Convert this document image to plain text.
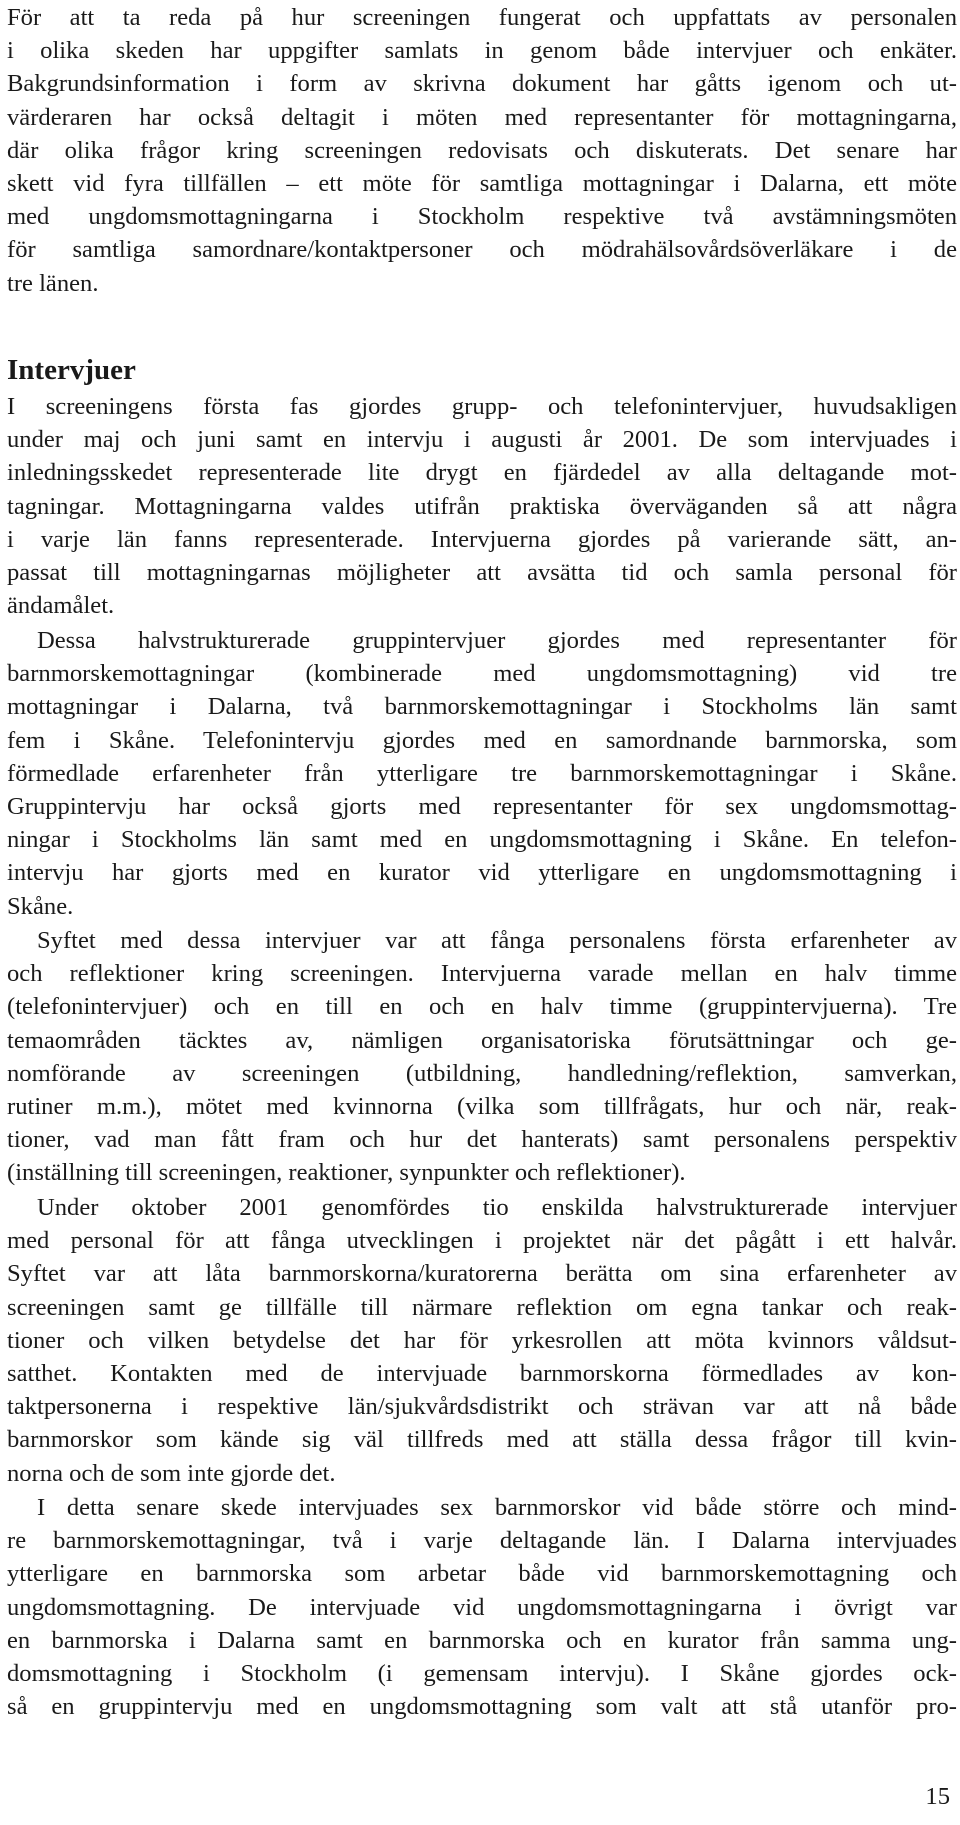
För att ta reda på hur screeningen fungerat och uppfattats av personalen
i olika skeden har uppgifter samlats in genom både intervjuer och enkäter.
Bakgrundsinformation i form av skrivna dokument har gåtts igenom och ut-
värderaren har också deltagit i möten med representanter för mottagningarna,
där olika frågor kring screeningen redovisats och diskuterats. Det senare har
skett vid fyra tillfällen – ett möte för samtliga mottagningar i Dalarna, ett möte
med ungdomsmottagningarna i Stockholm respektive två avstämningsmöten
för samtliga samordnare/kontaktpersoner och mödrahälsovårdsöverläkare i de
tre länen.

Intervjuer

I screeningens första fas gjordes grupp- och telefonintervjuer, huvudsakligen
under maj och juni samt en intervju i augusti år 2001. De som intervjuades i
inledningsskedet representerade lite drygt en fjärdedel av alla deltagande mot-
tagningar. Mottagningarna valdes utifrån praktiska överväganden så att några
i varje län fanns representerade. Intervjuerna gjordes på varierande sätt, an-
passat till mottagningarnas möjligheter att avsätta tid och samla personal för
ändamålet.

Dessa halvstrukturerade gruppintervjuer gjordes med representanter för
barnmorskemottagningar (kombinerade med ungdomsmottagning) vid tre
mottagningar i Dalarna, två barnmorskemottagningar i Stockholms län samt
fem i Skåne. Telefonintervju gjordes med en samordnande barnmorska, som
förmedlade erfarenheter från ytterligare tre barnmorskemottagningar i Skåne.
Gruppintervju har också gjorts med representanter för sex ungdomsmottag-
ningar i Stockholms län samt med en ungdomsmottagning i Skåne. En telefon-
intervju har gjorts med en kurator vid ytterligare en ungdomsmottagning i
Skåne.

Syftet med dessa intervjuer var att fånga personalens första erfarenheter av
och reflektioner kring screeningen. Intervjuerna varade mellan en halv timme
(telefonintervjuer) och en till en och en halv timme (gruppintervjuerna). Tre
temaområden täcktes av, nämligen organisatoriska förutsättningar och ge-
nomförande av screeningen (utbildning, handledning/reflektion, samverkan,
rutiner m.m.), mötet med kvinnorna (vilka som tillfrågats, hur och när, reak-
tioner, vad man fått fram och hur det hanterats) samt personalens perspektiv
(inställning till screeningen, reaktioner, synpunkter och reflektioner).

Under oktober 2001 genomfördes tio enskilda halvstrukturerade intervjuer
med personal för att fånga utvecklingen i projektet när det pågått i ett halvår.
Syftet var att låta barnmorskorna/kuratorerna berätta om sina erfarenheter av
screeningen samt ge tillfälle till närmare reflektion om egna tankar och reak-
tioner och vilken betydelse det har för yrkesrollen att möta kvinnors våldsut-
satthet. Kontakten med de intervjuade barnmorskorna förmedlades av kon-
taktpersonerna i respektive län/sjukvårdsdistrikt och strävan var att nå både
barnmorskor som kände sig väl tillfreds med att ställa dessa frågor till kvin-
norna och de som inte gjorde det.

I detta senare skede intervjuades sex barnmorskor vid både större och mind-
re barnmorskemottagningar, två i varje deltagande län. I Dalarna intervjuades
ytterligare en barnmorska som arbetar både vid barnmorskemottagning och
ungdomsmottagning. De intervjuade vid ungdomsmottagningarna i övrigt var
en barnmorska i Dalarna samt en barnmorska och en kurator från samma ung-
domsmottagning i Stockholm (i gemensam intervju). I Skåne gjordes ock-
så en gruppintervju med en ungdomsmottagning som valt att stå utanför pro-

15
